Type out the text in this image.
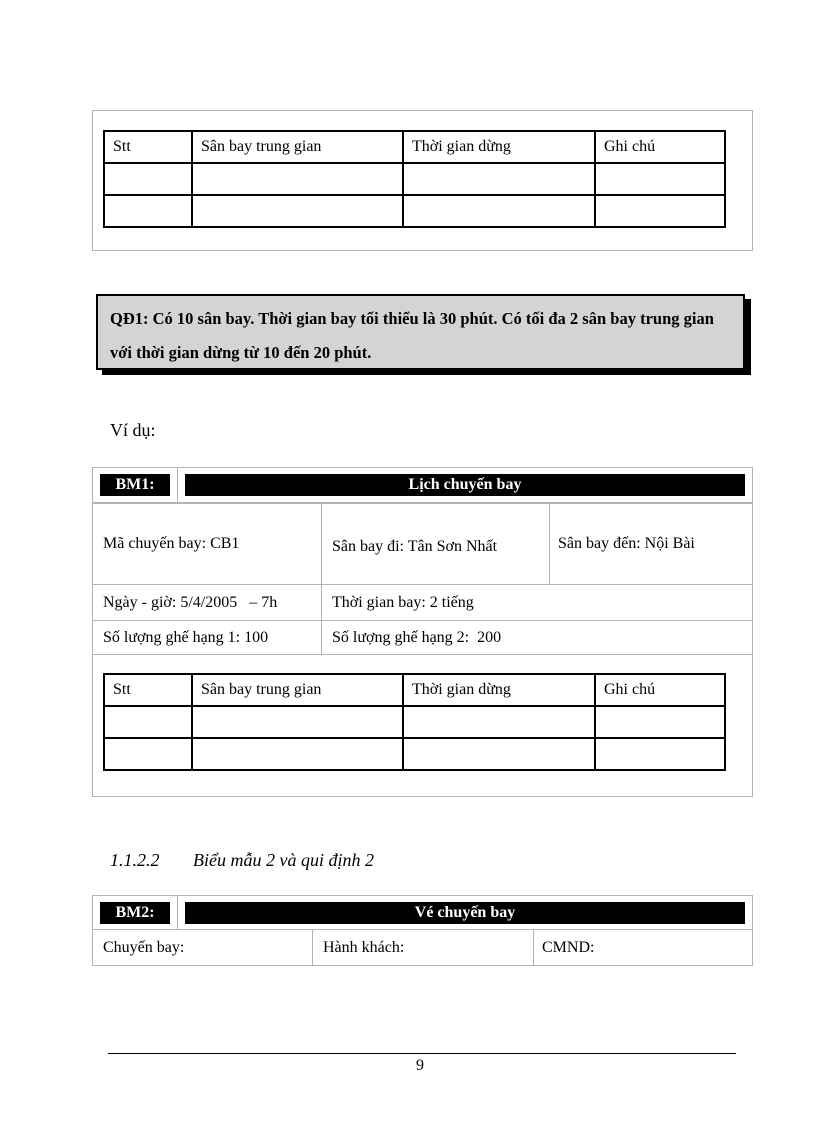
Stt	Sân bay trung gian	Thời gian dừng	Ghi chú

QĐ1: Có 10 sân bay. Thời gian bay tối thiểu là 30 phút. Có tối đa 2 sân bay trung gian với thời gian dừng từ 10 đến 20 phút.
Ví dụ:
BM1:	Lịch chuyến bay
Mã chuyến bay: CB1	Sân bay đi: Tân Sơn Nhất	Sân bay đến: Nội Bài
Ngày - giờ: 5/4/2005   – 7h	Thời gian bay: 2 tiếng
Số lượng ghế hạng 1: 100	Số lượng ghế hạng 2:  200
Stt	Sân bay trung gian	Thời gian dừng	Ghi chú

1.1.2.2 Biểu mẫu 2 và qui định 2
BM2:	Vé chuyến bay
Chuyến bay:	Hành khách:	CMND:
9
